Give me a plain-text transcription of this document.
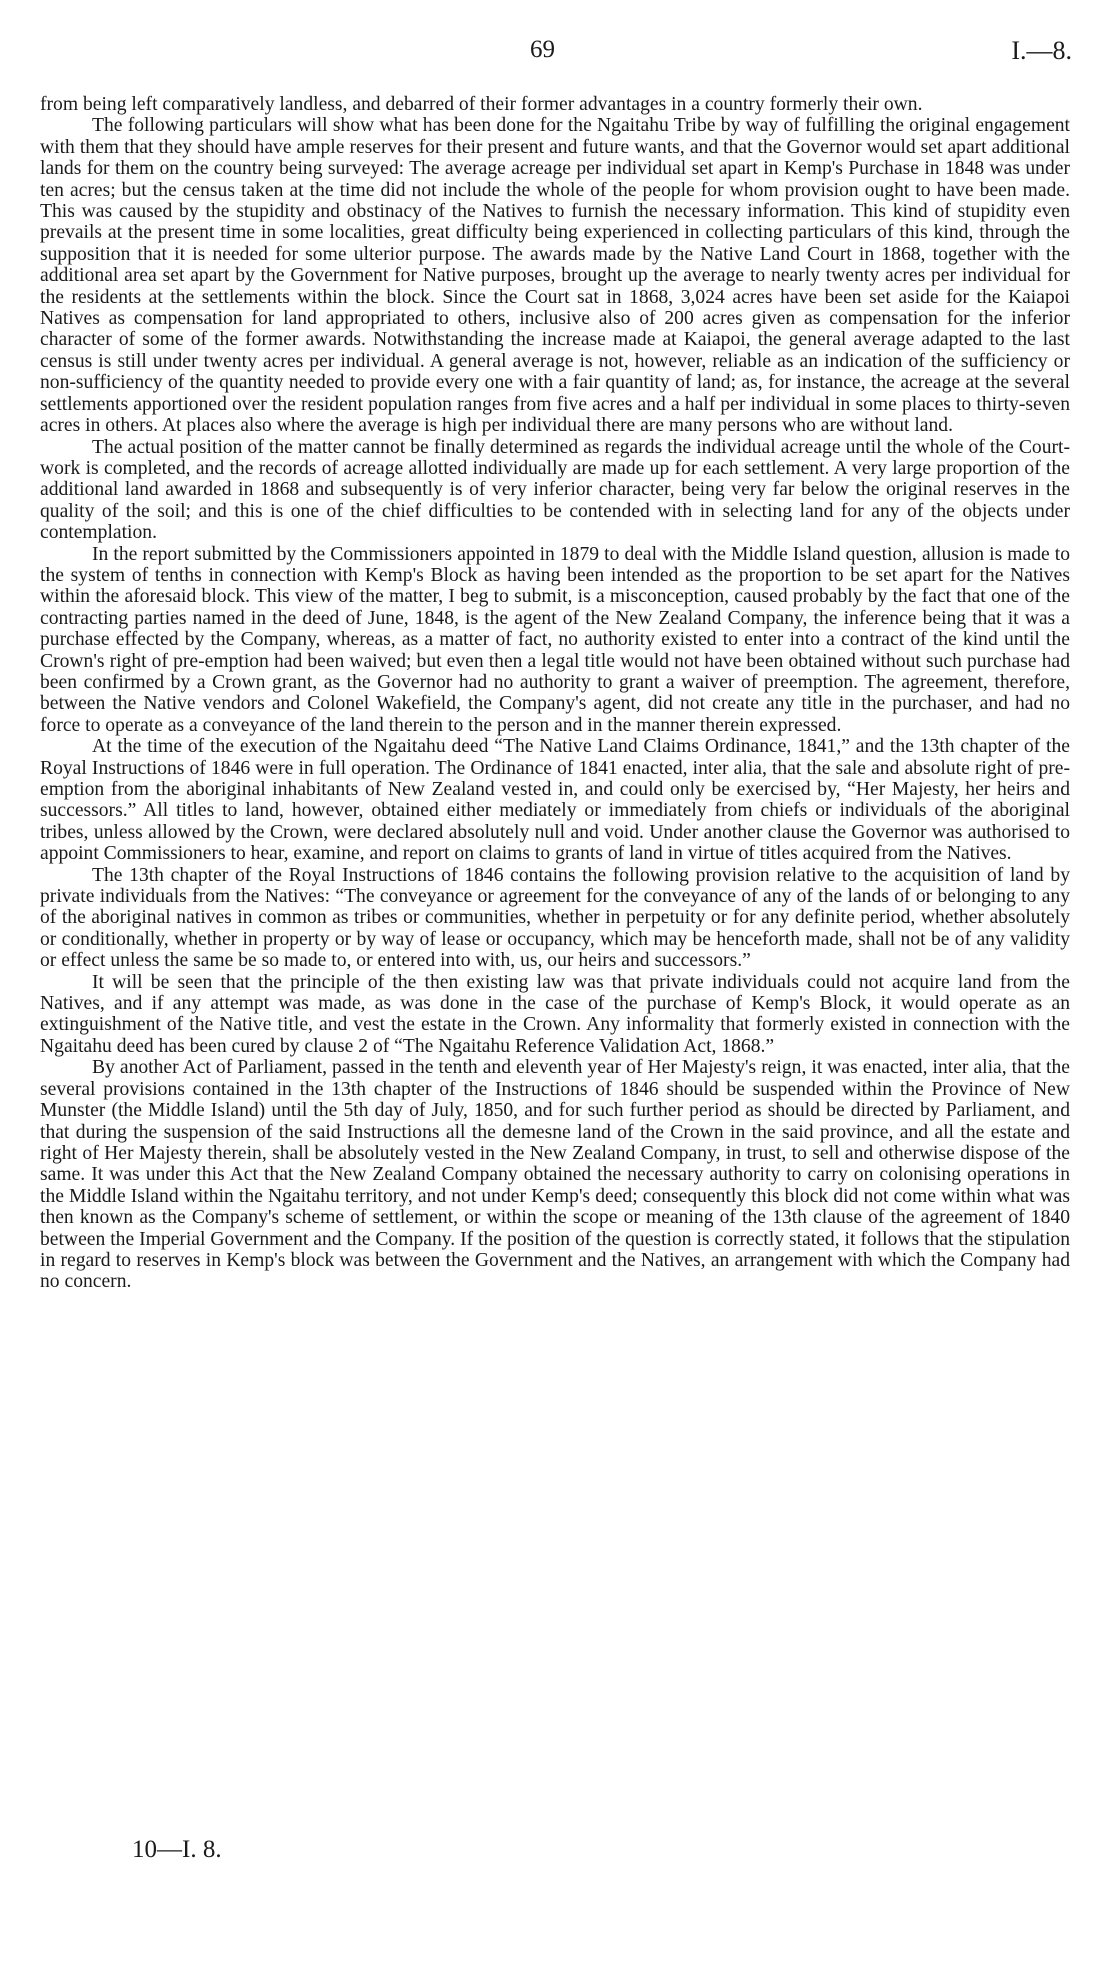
69	I.—8.

from being left comparatively landless, and debarred of their former advantages in a country formerly their own.

The following particulars will show what has been done for the Ngaitahu Tribe by way of fulfilling the original engagement with them that they should have ample reserves for their present and future wants, and that the Governor would set apart additional lands for them on the country being surveyed: The average acreage per individual set apart in Kemp's Purchase in 1848 was under ten acres; but the census taken at the time did not include the whole of the people for whom provision ought to have been made. This was caused by the stupidity and obstinacy of the Natives to furnish the necessary information. This kind of stupidity even prevails at the present time in some localities, great difficulty being experienced in collecting particulars of this kind, through the supposition that it is needed for some ulterior purpose. The awards made by the Native Land Court in 1868, together with the additional area set apart by the Government for Native purposes, brought up the average to nearly twenty acres per individual for the residents at the settlements within the block. Since the Court sat in 1868, 3,024 acres have been set aside for the Kaiapoi Natives as compensation for land appropriated to others, inclusive also of 200 acres given as compensation for the inferior character of some of the former awards. Notwithstanding the increase made at Kaiapoi, the general average adapted to the last census is still under twenty acres per individual. A general average is not, however, reliable as an indication of the sufficiency or non-sufficiency of the quantity needed to provide every one with a fair quantity of land; as, for instance, the acreage at the several settlements apportioned over the resident population ranges from five acres and a half per individual in some places to thirty-seven acres in others. At places also where the average is high per individual there are many persons who are without land.

The actual position of the matter cannot be finally determined as regards the individual acreage until the whole of the Court-work is completed, and the records of acreage allotted individually are made up for each settlement. A very large proportion of the additional land awarded in 1868 and subsequently is of very inferior character, being very far below the original reserves in the quality of the soil; and this is one of the chief difficulties to be contended with in selecting land for any of the objects under contemplation.

In the report submitted by the Commissioners appointed in 1879 to deal with the Middle Island question, allusion is made to the system of tenths in connection with Kemp's Block as having been intended as the proportion to be set apart for the Natives within the aforesaid block. This view of the matter, I beg to submit, is a misconception, caused probably by the fact that one of the contracting parties named in the deed of June, 1848, is the agent of the New Zealand Company, the inference being that it was a purchase effected by the Company, whereas, as a matter of fact, no authority existed to enter into a contract of the kind until the Crown's right of pre-emption had been waived; but even then a legal title would not have been obtained without such purchase had been confirmed by a Crown grant, as the Governor had no authority to grant a waiver of preemption. The agreement, therefore, between the Native vendors and Colonel Wakefield, the Company's agent, did not create any title in the purchaser, and had no force to operate as a conveyance of the land therein to the person and in the manner therein expressed.

At the time of the execution of the Ngaitahu deed “The Native Land Claims Ordinance, 1841,” and the 13th chapter of the Royal Instructions of 1846 were in full operation. The Ordinance of 1841 enacted, inter alia, that the sale and absolute right of pre-emption from the aboriginal inhabitants of New Zealand vested in, and could only be exercised by, “Her Majesty, her heirs and successors.” All titles to land, however, obtained either mediately or immediately from chiefs or individuals of the aboriginal tribes, unless allowed by the Crown, were declared absolutely null and void. Under another clause the Governor was authorised to appoint Commissioners to hear, examine, and report on claims to grants of land in virtue of titles acquired from the Natives.

The 13th chapter of the Royal Instructions of 1846 contains the following provision relative to the acquisition of land by private individuals from the Natives: “The conveyance or agreement for the conveyance of any of the lands of or belonging to any of the aboriginal natives in common as tribes or communities, whether in perpetuity or for any definite period, whether absolutely or conditionally, whether in property or by way of lease or occupancy, which may be henceforth made, shall not be of any validity or effect unless the same be so made to, or entered into with, us, our heirs and successors.”

It will be seen that the principle of the then existing law was that private individuals could not acquire land from the Natives, and if any attempt was made, as was done in the case of the purchase of Kemp's Block, it would operate as an extinguishment of the Native title, and vest the estate in the Crown. Any informality that formerly existed in connection with the Ngaitahu deed has been cured by clause 2 of “The Ngaitahu Reference Validation Act, 1868.”

By another Act of Parliament, passed in the tenth and eleventh year of Her Majesty's reign, it was enacted, inter alia, that the several provisions contained in the 13th chapter of the Instructions of 1846 should be suspended within the Province of New Munster (the Middle Island) until the 5th day of July, 1850, and for such further period as should be directed by Parliament, and that during the suspension of the said Instructions all the demesne land of the Crown in the said province, and all the estate and right of Her Majesty therein, shall be absolutely vested in the New Zealand Company, in trust, to sell and otherwise dispose of the same. It was under this Act that the New Zealand Company obtained the necessary authority to carry on colonising operations in the Middle Island within the Ngaitahu territory, and not under Kemp's deed; consequently this block did not come within what was then known as the Company's scheme of settlement, or within the scope or meaning of the 13th clause of the agreement of 1840 between the Imperial Government and the Company. If the position of the question is correctly stated, it follows that the stipulation in regard to reserves in Kemp's block was between the Government and the Natives, an arrangement with which the Company had no concern.

10—I. 8.
